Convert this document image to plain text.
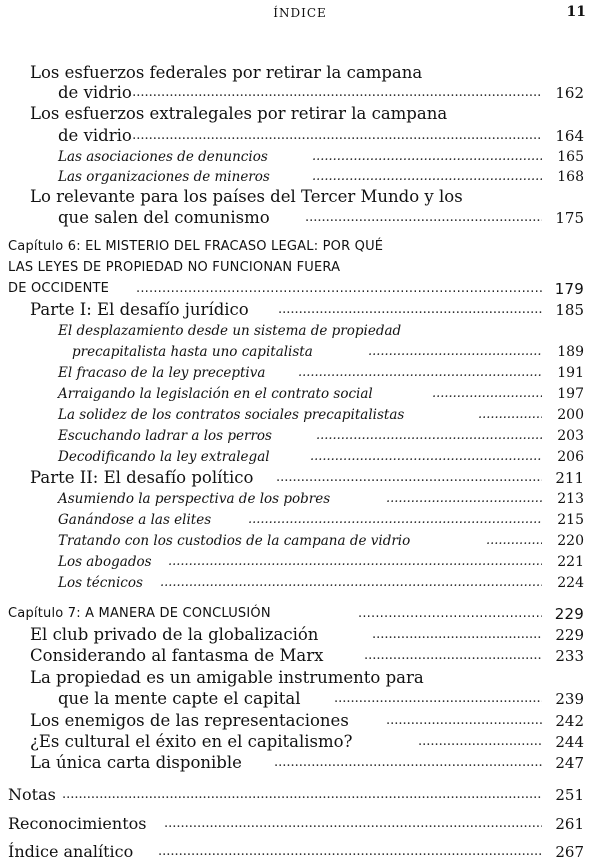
ÍNDICE	11
Los esfuerzos federales por retirar la campana
de vidrio .....	162
Los esfuerzos extralegales por retirar la campana
de vidrio .....	164
Las asociaciones de denuncios .....	165
Las organizaciones de mineros .....	168
Lo relevante para los países del Tercer Mundo y los
que salen del comunismo .....	175
Capítulo 6: EL MISTERIO DEL FRACASO LEGAL: POR QUÉ
LAS LEYES DE PROPIEDAD NO FUNCIONAN FUERA
DE OCCIDENTE .....	179
Parte I: El desafío jurídico .....	185
El desplazamiento desde un sistema de propiedad
precapitalista hasta uno capitalista .....	189
El fracaso de la ley preceptiva .....	191
Arraigando la legislación en el contrato social .....	197
La solidez de los contratos sociales precapitalistas .....	200
Escuchando ladrar a los perros .....	203
Decodificando la ley extralegal .....	206
Parte II: El desafío político .....	211
Asumiendo la perspectiva de los pobres .....	213
Ganándose a las elites .....	215
Tratando con los custodios de la campana de vidrio .....	220
Los abogados .....	221
Los técnicos .....	224
Capítulo 7: A MANERA DE CONCLUSIÓN .....	229
El club privado de la globalización .....	229
Considerando al fantasma de Marx .....	233
La propiedad es un amigable instrumento para
que la mente capte el capital .....	239
Los enemigos de las representaciones .....	242
¿Es cultural el éxito en el capitalismo? .....	244
La única carta disponible .....	247
Notas .....	251
Reconocimientos .....	261
Índice analítico .....	267
